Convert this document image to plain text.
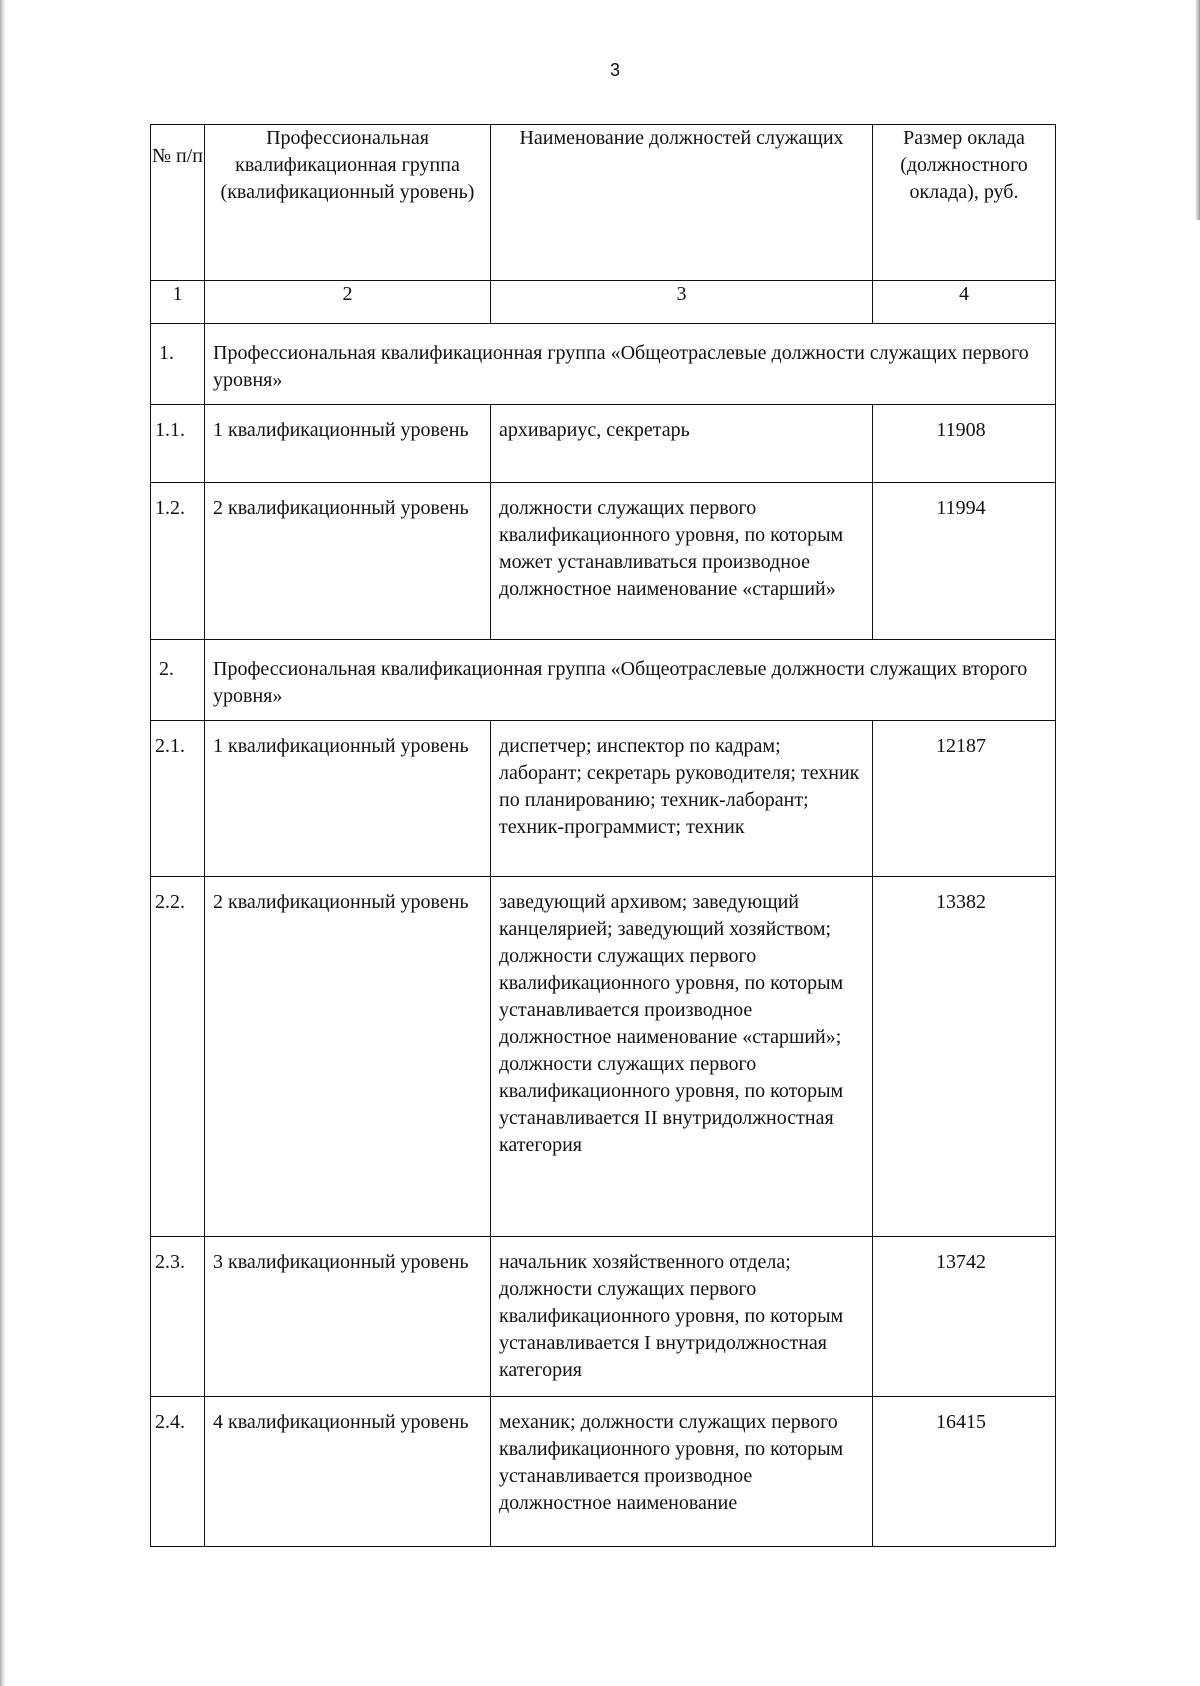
3
№ п/п	Профессиональная квалификационная группа (квалификационный уровень)	Наименование должностей служащих	Размер оклада (должностного оклада), руб.
1	2	3	4
1.	Профессиональная квалификационная группа «Общеотраслевые должности служащих первого уровня»		
1.1.	1 квалификационный уровень	архивариус, секретарь	11908
1.2.	2 квалификационный уровень	должности служащих первого квалификационного уровня, по которым может устанавливаться производное должностное наименование «старший»	11994
2.	Профессиональная квалификационная группа «Общеотраслевые должности служащих второго уровня»		
2.1.	1 квалификационный уровень	диспетчер; инспектор по кадрам; лаборант; секретарь руководителя; техник по планированию; техник-лаборант; техник-программист; техник	12187
2.2.	2 квалификационный уровень	заведующий архивом; заведующий канцелярией; заведующий хозяйством; должности служащих первого квалификационного уровня, по которым устанавливается производное должностное наименование «старший»; должности служащих первого квалификационного уровня, по которым устанавливается II внутридолжностная категория	13382
2.3.	3 квалификационный уровень	начальник хозяйственного отдела; должности служащих первого квалификационного уровня, по которым устанавливается I внутридолжностная категория	13742
2.4.	4 квалификационный уровень	механик; должности служащих первого квалификационного уровня, по которым устанавливается производное должностное наименование	16415
